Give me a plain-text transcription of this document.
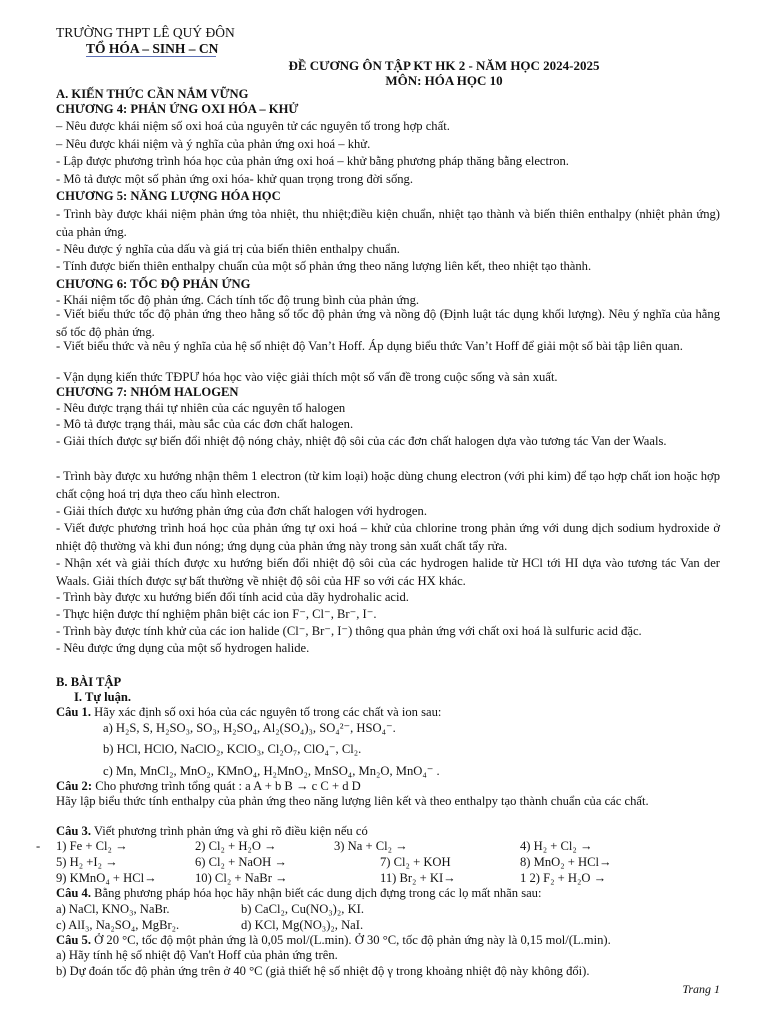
TRƯỜNG THPT LÊ QUÝ ĐÔN
TỔ HÓA – SINH – CN
ĐỀ CƯƠNG ÔN TẬP KT HK 2 - NĂM HỌC 2024-2025
MÔN: HÓA HỌC 10
A. KIẾN THỨC CẦN NẮM VỮNG
CHƯƠNG 4: PHẢN ỨNG OXI HÓA – KHỬ
– Nêu được khái niệm số oxi hoá của nguyên tử các nguyên tố trong hợp chất.
– Nêu được khái niệm và ý nghĩa của phản ứng oxi hoá – khử.
- Lập được phương trình hóa học của phản ứng oxi hoá – khử bằng phương pháp thăng bằng electron.
- Mô tả được một số phản ứng oxi hóa- khử quan trọng trong đời sống.
CHƯƠNG 5: NĂNG LƯỢNG HÓA HỌC
- Trình bày được khái niệm phản ứng tỏa nhiệt, thu nhiệt;điều kiện chuẩn, nhiệt tạo thành và biến thiên enthalpy (nhiệt phản ứng) của phản ứng.
- Nêu được ý nghĩa của dấu và giá trị của biến thiên enthalpy chuẩn.
- Tính được biến thiên enthalpy chuẩn của một số phản ứng theo năng lượng liên kết, theo nhiệt tạo thành.
CHƯƠNG 6: TỐC ĐỘ PHẢN ỨNG
- Khái niệm tốc độ phản ứng. Cách tính tốc độ trung bình của phản ứng.
- Viết biểu thức tốc độ phản ứng theo hằng số tốc độ phản ứng và nồng độ (Định luật tác dụng khối lượng). Nêu ý nghĩa của hằng số tốc độ phản ứng.
- Viết biểu thức và nêu ý nghĩa của hệ số nhiệt độ Van’t Hoff. Áp dụng biểu thức Van’t Hoff để giải một số bài tập liên quan.
- Vận dụng kiến thức TĐPƯ hóa học vào việc giải thích một số vấn đề trong cuộc sống và sản xuất.
CHƯƠNG 7: NHÓM HALOGEN
- Nêu được trạng thái tự nhiên của các nguyên tố halogen
- Mô tả được trạng thái, màu sắc của các đơn chất halogen.
- Giải thích được sự biến đổi nhiệt độ nóng chảy, nhiệt độ sôi của các đơn chất halogen dựa vào tương tác Van der Waals.
- Trình bày được xu hướng nhận thêm 1 electron (từ kim loại) hoặc dùng chung electron (với phi kim) để tạo hợp chất ion hoặc hợp chất cộng hoá trị dựa theo cấu hình electron.
- Giải thích được xu hướng phản ứng của đơn chất halogen với hydrogen.
- Viết được phương trình hoá học của phản ứng tự oxi hoá – khử của chlorine trong phản ứng với dung dịch sodium hydroxide ở nhiệt độ thường và khi đun nóng; ứng dụng của phản ứng này trong sản xuất chất tẩy rửa.
- Nhận xét và giải thích được xu hướng biến đổi nhiệt độ sôi của các hydrogen halide từ HCl tới HI dựa vào tương tác Van der Waals. Giải thích được sự bất thường về nhiệt độ sôi của HF so với các HX khác.
- Trình bày được xu hướng biến đổi tính acid của dãy hydrohalic acid.
- Thực hiện được thí nghiệm phân biệt các ion F⁻, Cl⁻, Br⁻, I⁻.
- Trình bày được tính khử của các ion halide (Cl⁻, Br⁻, I⁻) thông qua phản ứng với chất oxi hoá là sulfuric acid đặc.
- Nêu được ứng dụng của một số hydrogen halide.
B. BÀI TẬP
I. Tự luận.
Câu 1. Hãy xác định số oxi hóa của các nguyên tố trong các chất và ion sau:
a) H₂S, S, H₂SO₃, SO₃, H₂SO₄, Al₂(SO₄)₃, SO₄²⁻, HSO₄⁻.
b) HCl, HClO, NaClO₂, KClO₃, Cl₂O₇, ClO₄⁻, Cl₂.
c) Mn, MnCl₂, MnO₂, KMnO₄, H₂MnO₂, MnSO₄, Mn₂O, MnO₄⁻ .
Câu 2: Cho phương trình tổng quát : a A + b B → c C + d D
Hãy lập biểu thức tính enthalpy của phản ứng theo năng lượng liên kết và theo enthalpy tạo thành chuẩn của các chất.
Câu 3. Viết phương trình phản ứng và ghi rõ điều kiện nếu có
- 1) Fe + Cl₂ →	2) Cl₂ + H₂O →	3) Na + Cl₂ →	4) H₂ + Cl₂ →
5) H₂ +I₂ →	6) Cl₂ + NaOH →	7) Cl₂ + KOH	8) MnO₂ + HCl→
9) KMnO₄ + HCl→	10) Cl₂ + NaBr →	11) Br₂ + KI→	1 2) F₂ + H₂O →
Câu 4. Bằng phương pháp hóa học hãy nhận biết các dung dịch đựng trong các lọ mất nhãn sau:
a) NaCl, KNO₃, NaBr.	b) CaCl₂, Cu(NO₃)₂, KI.
c) AlI₃, Na₂SO₄, MgBr₂.	d) KCl, Mg(NO₃)₂, NaI.
Câu 5. Ở 20 °C, tốc độ một phản ứng là 0,05 mol/(L.min). Ở 30 °C, tốc độ phản ứng này là 0,15 mol/(L.min).
a) Hãy tính hệ số nhiệt độ Van't Hoff của phản ứng trên.
b) Dự đoán tốc độ phản ứng trên ở 40 °C (giả thiết hệ số nhiệt độ γ trong khoảng nhiệt độ này không đổi).
Trang 1
